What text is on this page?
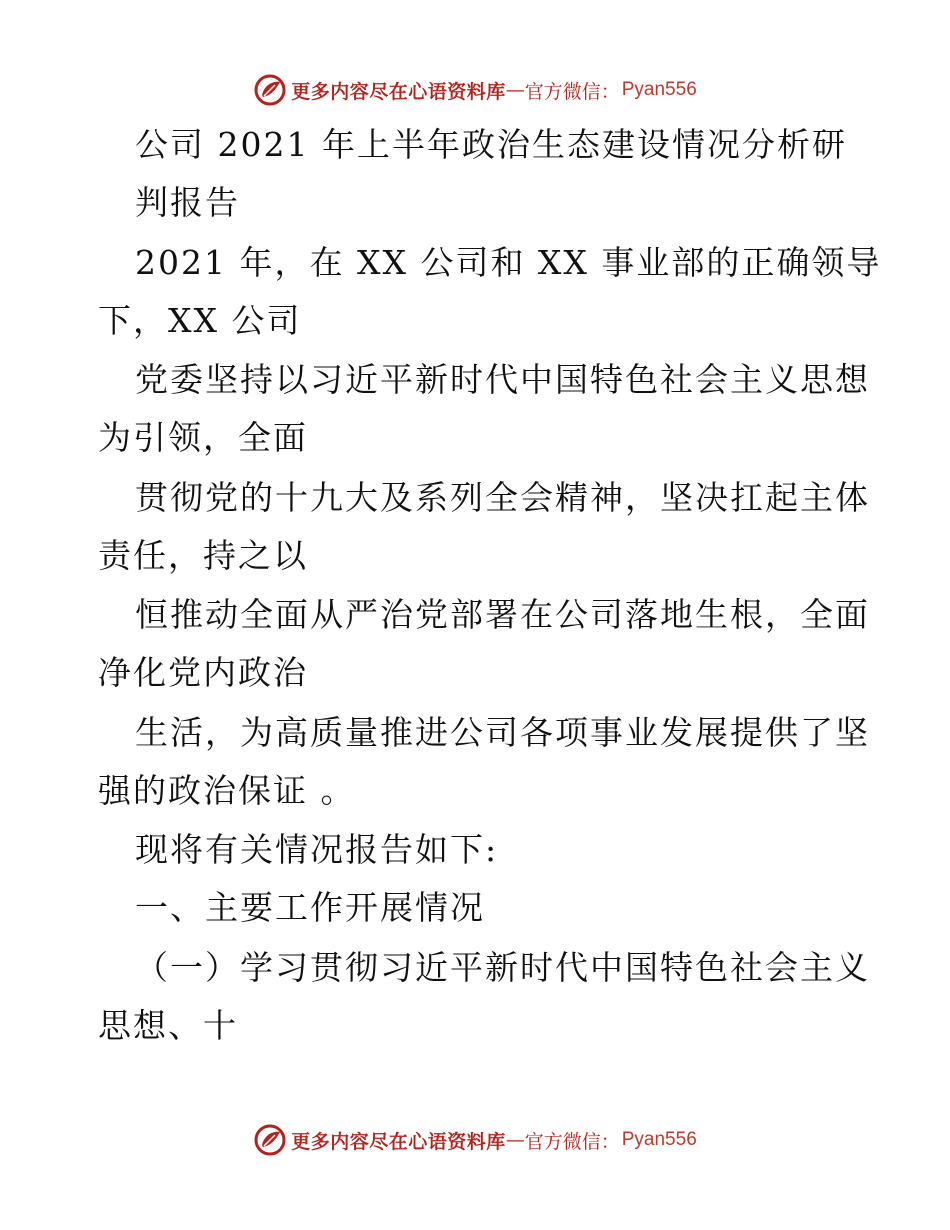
更多内容尽在心语资料库 — 官方微信： Pyan556
公司 2021 年上半年政治生态建设情况分析研
判报告
2021 年，在 XX 公司和 XX 事业部的正确领导
下，XX 公司
党委坚持以习近平新时代中国特色社会主义思想
为引领，全面
贯彻党的十九大及系列全会精神，坚决扛起主体
责任，持之以
恒推动全面从严治党部署在公司落地生根，全面
净化党内政治
生活，为高质量推进公司各项事业发展提供了坚
强的政治保证 。
现将有关情况报告如下:
一、主要工作开展情况
（一）学习贯彻习近平新时代中国特色社会主义
思想、十
更多内容尽在心语资料库 — 官方微信： Pyan556
